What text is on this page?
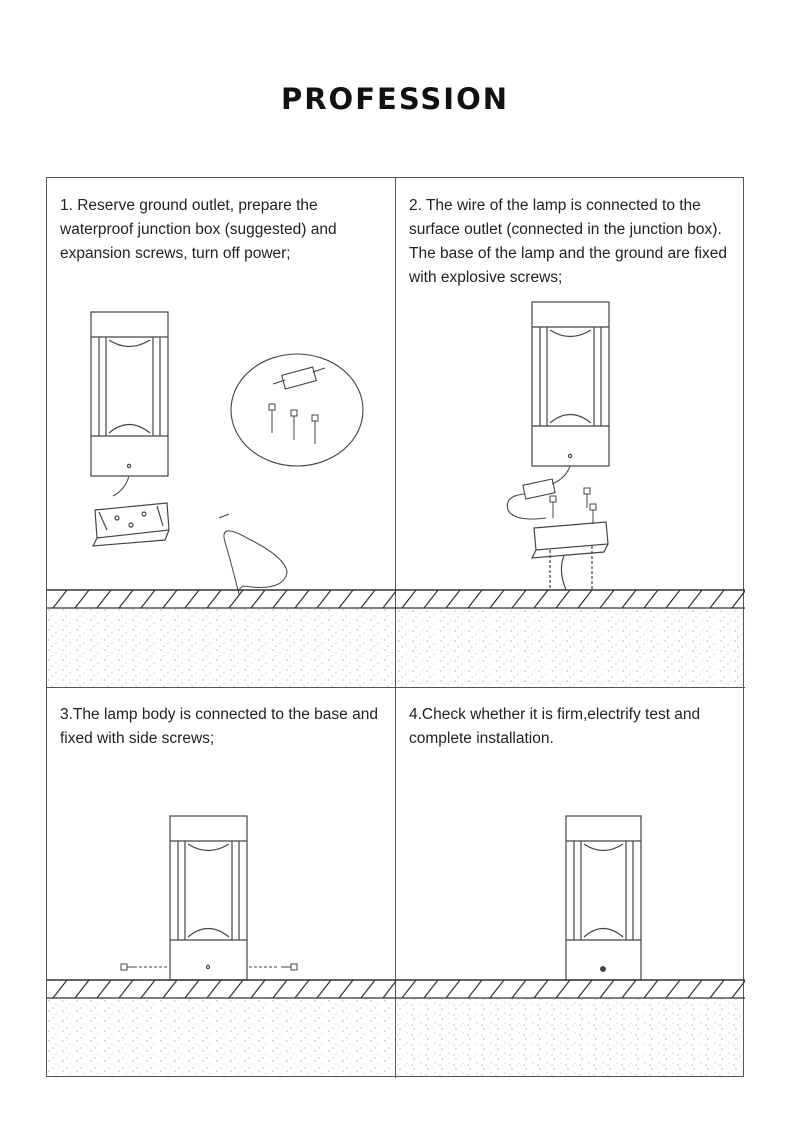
PROFESSION

1. Reserve ground outlet, prepare the waterproof junction box (suggested) and expansion screws, turn off power;

2. The wire of the lamp is connected to the surface outlet (connected in the junction box). The base of the lamp and the ground are fixed with explosive screws;

3.The lamp body is connected to the base and fixed with side screws;

4.Check whether it is firm,electrify test and complete installation.
